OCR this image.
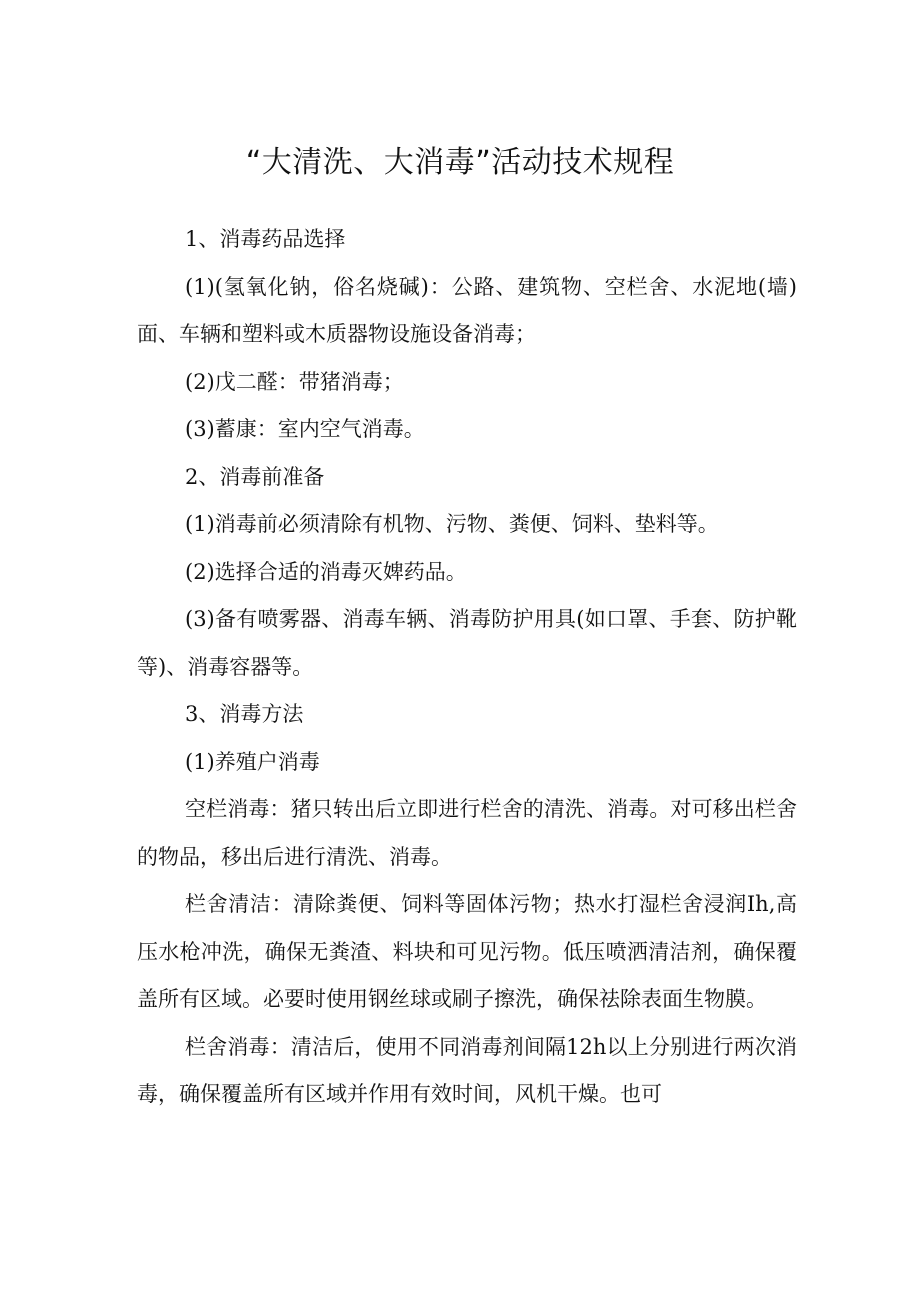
“大清洗、大消毒”活动技术规程

1、消毒药品选择

(1)(氢氧化钠，俗名烧碱)：公路、建筑物、空栏舍、水泥地(墙)面、车辆和塑料或木质器物设施设备消毒；

(2)戊二醛：带猪消毒；

(3)蓄康：室内空气消毒。

2、消毒前准备

(1)消毒前必须清除有机物、污物、粪便、饲料、垫料等。

(2)选择合适的消毒灭婢药品。

(3)备有喷雾器、消毒车辆、消毒防护用具(如口罩、手套、防护靴等)、消毒容器等。

3、消毒方法

(1)养殖户消毒

空栏消毒：猪只转出后立即进行栏舍的清洗、消毒。对可移出栏舍的物品，移出后进行清洗、消毒。

栏舍清洁：清除粪便、饲料等固体污物；热水打湿栏舍浸润Ih,高压水枪冲洗，确保无粪渣、料块和可见污物。低压喷洒清洁剂，确保覆盖所有区域。必要时使用钢丝球或刷子擦洗，确保祛除表面生物膜。

栏舍消毒：清洁后，使用不同消毒剂间隔12h以上分别进行两次消毒，确保覆盖所有区域并作用有效时间，风机干燥。也可
